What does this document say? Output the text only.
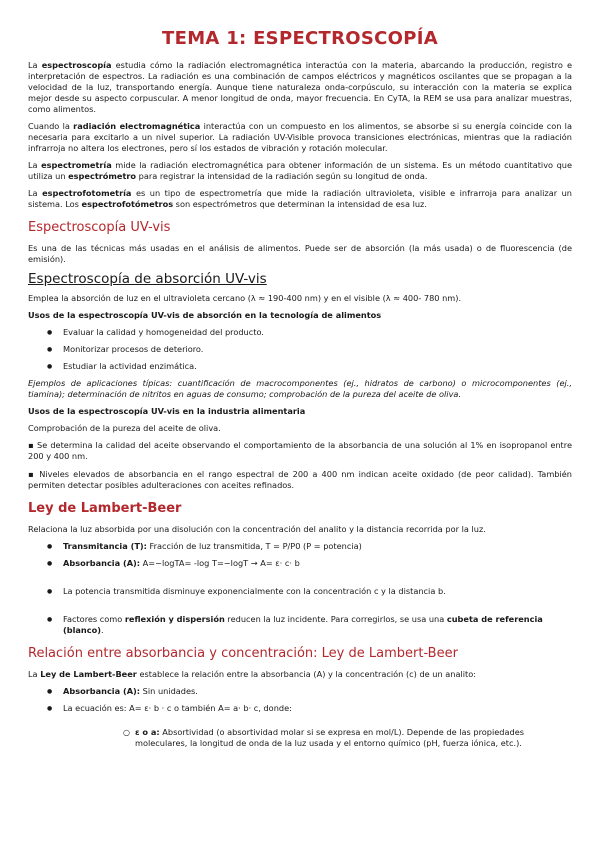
TEMA 1: ESPECTROSCOPÍA

La espectroscopía estudia cómo la radiación electromagnética interactúa con la materia, abarcando la producción, registro e interpretación de espectros. La radiación es una combinación de campos eléctricos y magnéticos oscilantes que se propagan a la velocidad de la luz, transportando energía. Aunque tiene naturaleza onda-corpúsculo, su interacción con la materia se explica mejor desde su aspecto corpuscular. A menor longitud de onda, mayor frecuencia. En CyTA, la REM se usa para analizar muestras, como alimentos.

Cuando la radiación electromagnética interactúa con un compuesto en los alimentos, se absorbe si su energía coincide con la necesaria para excitarlo a un nivel superior. La radiación UV-Visible provoca transiciones electrónicas, mientras que la radiación infrarroja no altera los electrones, pero sí los estados de vibración y rotación molecular.

La espectrometría mide la radiación electromagnética para obtener información de un sistema. Es un método cuantitativo que utiliza un espectrómetro para registrar la intensidad de la radiación según su longitud de onda.

La espectrofotometría es un tipo de espectrometría que mide la radiación ultravioleta, visible e infrarroja para analizar un sistema. Los espectrofotómetros son espectrómetros que determinan la intensidad de esa luz.

Espectroscopía UV-vis

Es una de las técnicas más usadas en el análisis de alimentos. Puede ser de absorción (la más usada) o de fluorescencia (de emisión).

Espectroscopía de absorción UV-vis

Emplea la absorción de luz en el ultravioleta cercano (λ ≈ 190-400 nm) y en el visible (λ ≈ 400- 780 nm).

Usos de la espectroscopía UV-vis de absorción en la tecnología de alimentos
● Evaluar la calidad y homogeneidad del producto.
● Monitorizar procesos de deterioro.
● Estudiar la actividad enzimática.

Ejemplos de aplicaciones típicas: cuantificación de macrocomponentes (ej., hidratos de carbono) o microcomponentes (ej., tiamina); determinación de nitritos en aguas de consumo; comprobación de la pureza del aceite de oliva.

Usos de la espectroscopía UV-vis en la industria alimentaria

Comprobación de la pureza del aceite de oliva.

▪ Se determina la calidad del aceite observando el comportamiento de la absorbancia de una solución al 1% en isopropanol entre 200 y 400 nm.

▪ Niveles elevados de absorbancia en el rango espectral de 200 a 400 nm indican aceite oxidado (de peor calidad). También permiten detectar posibles adulteraciones con aceites refinados.

Ley de Lambert-Beer

Relaciona la luz absorbida por una disolución con la concentración del analito y la distancia recorrida por la luz.

● Transmitancia (T): Fracción de luz transmitida, T = P/P0 (P = potencia)
● Absorbancia (A): A=−logTA= -log T=−logT → A= ε· c· b
● La potencia transmitida disminuye exponencialmente con la concentración c y la distancia b.
● Factores como reflexión y dispersión reducen la luz incidente. Para corregirlos, se usa una cubeta de referencia (blanco).
Relación entre absorbancia y concentración: Ley de Lambert-Beer

La Ley de Lambert-Beer establece la relación entre la absorbancia (A) y la concentración (c) de un analito:

● Absorbancia (A): Sin unidades.
● La ecuación es: A= ε· b · c o también A= a· b· c, donde:
○ ε o a: Absortividad (o absortividad molar si se expresa en mol/L). Depende de las propiedades moleculares, la longitud de onda de la luz usada y el entorno químico (pH, fuerza iónica, etc.).
